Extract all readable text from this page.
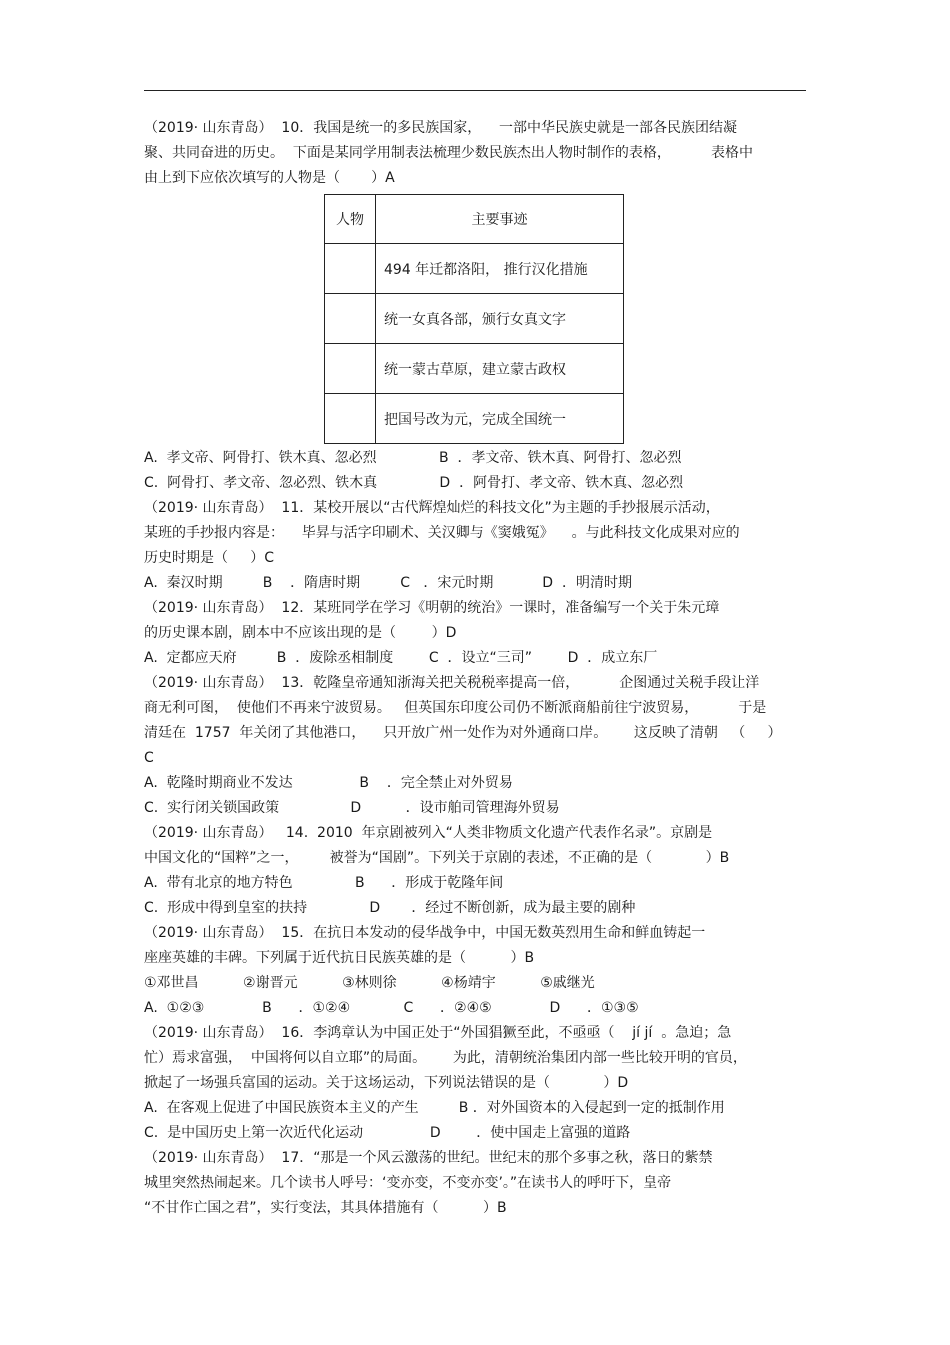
（2019· 山东青岛）  10．我国是统一的多民族国家，    一部中华民族史就是一部各民族团结凝
聚、共同奋进的历史。  下面是某同学用制表法梳理少数民族杰出人物时制作的表格，         表格中
由上到下应依次填写的人物是（       ）A
人物	主要事迹
	494 年迁都洛阳， 推行汉化措施
	统一女真各部，颁行女真文字
	统一蒙古草原，建立蒙古政权
	把国号改为元，完成全国统一
A.  孝文帝、阿骨打、铁木真、忽必烈              B  ．孝文帝、铁木真、阿骨打、忽必烈
C.  阿骨打、孝文帝、忽必烈、铁木真              D  ．阿骨打、孝文帝、铁木真、忽必烈
（2019· 山东青岛）  11．某校开展以“古代辉煌灿烂的科技文化”为主题的手抄报展示活动，
某班的手抄报内容是：    毕昇与活字印刷术、关汉卿与《窦娥冤》    。与此科技文化成果对应的
历史时期是（     ）C
A.  秦汉时期         B    ．隋唐时期         C   ．宋元时期           D  ．明清时期
（2019· 山东青岛）  12．某班同学在学习《明朝的统治》一课时，准备编写一个关于朱元璋
的历史课本剧，剧本中不应该出现的是（        ）D
A.  定都应天府         B  ．废除丞相制度        C  ．设立“三司”        D  ．成立东厂
（2019· 山东青岛）  13．乾隆皇帝通知浙海关把关税税率提高一倍，         企图通过关税手段让洋
商无利可图，  使他们不再来宁波贸易。   但英国东印度公司仍不断派商船前往宁波贸易，         于是
清廷在  1757  年关闭了其他港口，    只开放广州一处作为对外通商口岸。      这反映了清朝   （     ）
C
A.  乾隆时期商业不发达               B    ．完全禁止对外贸易
C.  实行闭关锁国政策                D          ．设市舶司管理海外贸易
（2019· 山东青岛）   14.  2010  年京剧被列入“人类非物质文化遗产代表作名录”。京剧是
中国文化的“国粹”之一，       被誉为“国剧”。下列关于京剧的表述，不正确的是（            ）B
A.  带有北京的地方特色              B      ．形成于乾隆年间
C.  形成中得到皇室的扶持              D       ．经过不断创新，成为最主要的剧种
（2019· 山东青岛）  15．在抗日本发动的侵华战争中，中国无数英烈用生命和鲜血铸起一
座座英雄的丰碑。下列属于近代抗日民族英雄的是（          ）B
①邓世昌          ②谢晋元          ③林则徐          ④杨靖宇          ⑤戚继光
A.  ①②③             B      ．①②④            C      ．②④⑤             D      ．①③⑤
（2019· 山东青岛）  16．李鸿章认为中国正处于“外国猖獗至此，不亟亟（    jí jí  。急迫；急
忙）焉求富强，  中国将何以自立耶”的局面。      为此，清朝统治集团内部一些比较开明的官员，
掀起了一场强兵富国的运动。关于这场运动，下列说法错误的是（            ）D
A.  在客观上促进了中国民族资本主义的产生         B ．对外国资本的入侵起到一定的抵制作用
C.  是中国历史上第一次近代化运动               D        ．使中国走上富强的道路
（2019· 山东青岛）  17．“那是一个风云激荡的世纪。世纪末的那个多事之秋，落日的紫禁
城里突然热闹起来。几个读书人呼号：‘变亦变，不变亦变’。”在读书人的呼吁下，皇帝
“不甘作亡国之君”，实行变法，其具体措施有（          ）B
